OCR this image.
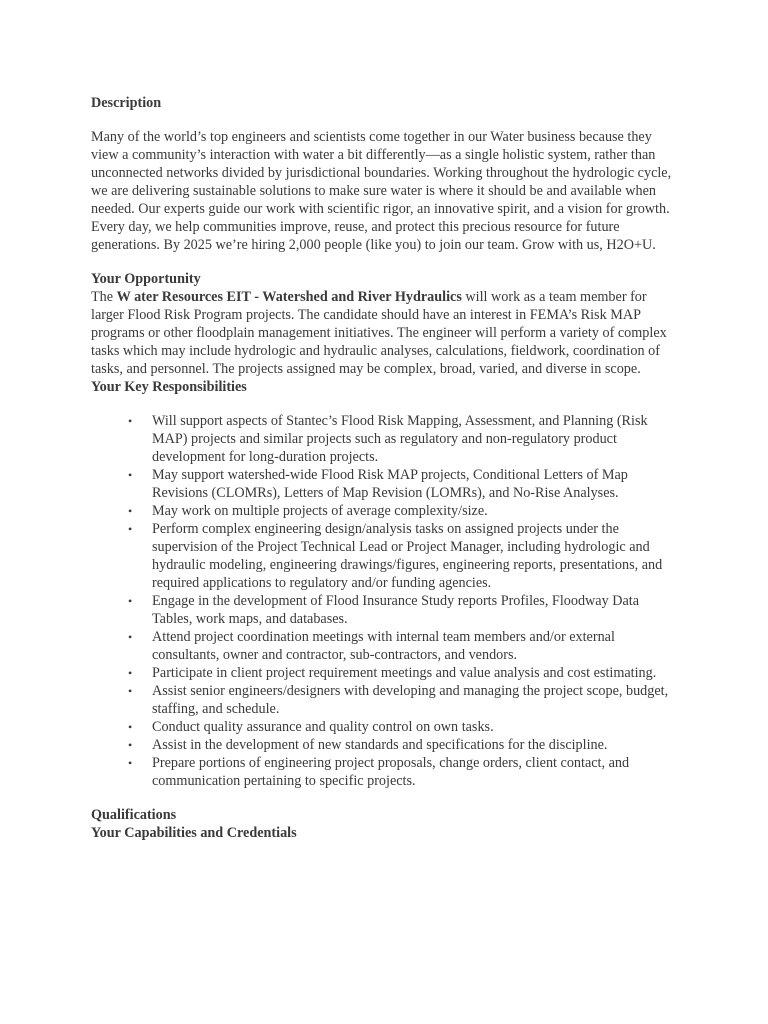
Description

Many of the world’s top engineers and scientists come together in our Water business because they view a community’s interaction with water a bit differently—as a single holistic system, rather than unconnected networks divided by jurisdictional boundaries. Working throughout the hydrologic cycle, we are delivering sustainable solutions to make sure water is where it should be and available when needed. Our experts guide our work with scientific rigor, an innovative spirit, and a vision for growth. Every day, we help communities improve, reuse, and protect this precious resource for future generations. By 2025 we’re hiring 2,000 people (like you) to join our team. Grow with us, H2O+U.

Your Opportunity

The W ater Resources EIT - Watershed and River Hydraulics will work as a team member for larger Flood Risk Program projects. The candidate should have an interest in FEMA’s Risk MAP programs or other floodplain management initiatives. The engineer will perform a variety of complex tasks which may include hydrologic and hydraulic analyses, calculations, fieldwork, coordination of tasks, and personnel. The projects assigned may be complex, broad, varied, and diverse in scope.

Your Key Responsibilities

• Will support aspects of Stantec’s Flood Risk Mapping, Assessment, and Planning (Risk MAP) projects and similar projects such as regulatory and non-regulatory product development for long-duration projects.
• May support watershed-wide Flood Risk MAP projects, Conditional Letters of Map Revisions (CLOMRs), Letters of Map Revision (LOMRs), and No-Rise Analyses.
• May work on multiple projects of average complexity/size.
• Perform complex engineering design/analysis tasks on assigned projects under the supervision of the Project Technical Lead or Project Manager, including hydrologic and hydraulic modeling, engineering drawings/figures, engineering reports, presentations, and required applications to regulatory and/or funding agencies.
• Engage in the development of Flood Insurance Study reports Profiles, Floodway Data Tables, work maps, and databases.
• Attend project coordination meetings with internal team members and/or external consultants, owner and contractor, sub-contractors, and vendors.
• Participate in client project requirement meetings and value analysis and cost estimating.
• Assist senior engineers/designers with developing and managing the project scope, budget, staffing, and schedule.
• Conduct quality assurance and quality control on own tasks.
• Assist in the development of new standards and specifications for the discipline.
• Prepare portions of engineering project proposals, change orders, client contact, and communication pertaining to specific projects.

Qualifications

Your Capabilities and Credentials
